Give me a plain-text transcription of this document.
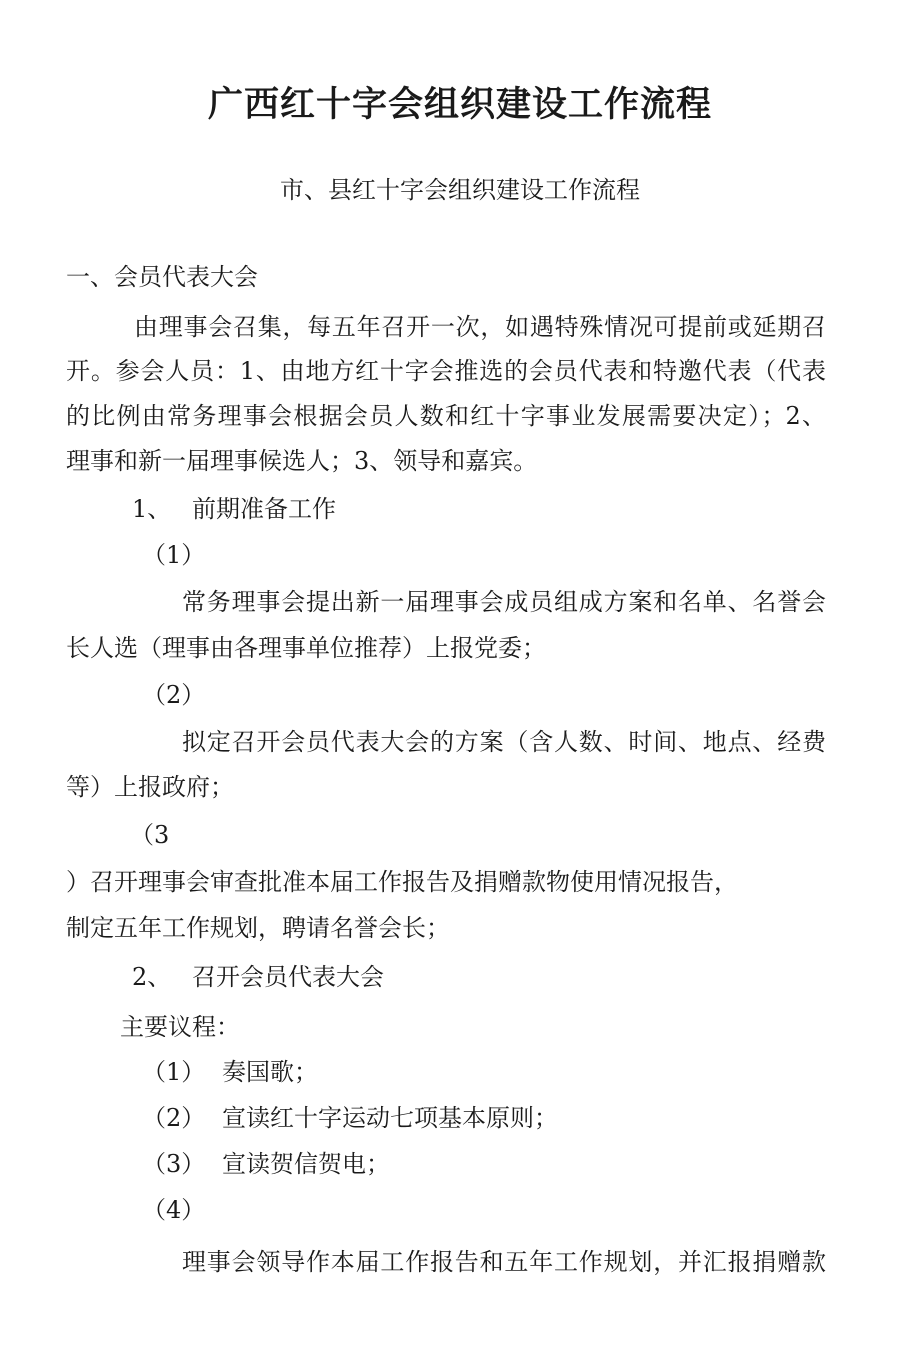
广西红十字会组织建设工作流程
市、县红十字会组织建设工作流程
一、会员代表大会
由理事会召集，每五年召开一次，如遇特殊情况可提前或延期召
开。参会人员：1、由地方红十字会推选的会员代表和特邀代表（代表
的比例由常务理事会根据会员人数和红十字事业发展需要决定）；2、
理事和新一届理事候选人；3、领导和嘉宾。
1、 前期准备工作
（1）
常务理事会提出新一届理事会成员组成方案和名单、名誉会
长人选（理事由各理事单位推荐）上报党委；
（2）
拟定召开会员代表大会的方案（含人数、时间、地点、经费
等）上报政府；
（3
）召开理事会审查批准本届工作报告及捐赠款物使用情况报告，
制定五年工作规划，聘请名誉会长；
2、 召开会员代表大会
主要议程：
（1） 奏国歌；
（2） 宣读红十字运动七项基本原则；
（3） 宣读贺信贺电；
（4）
理事会领导作本届工作报告和五年工作规划，并汇报捐赠款
